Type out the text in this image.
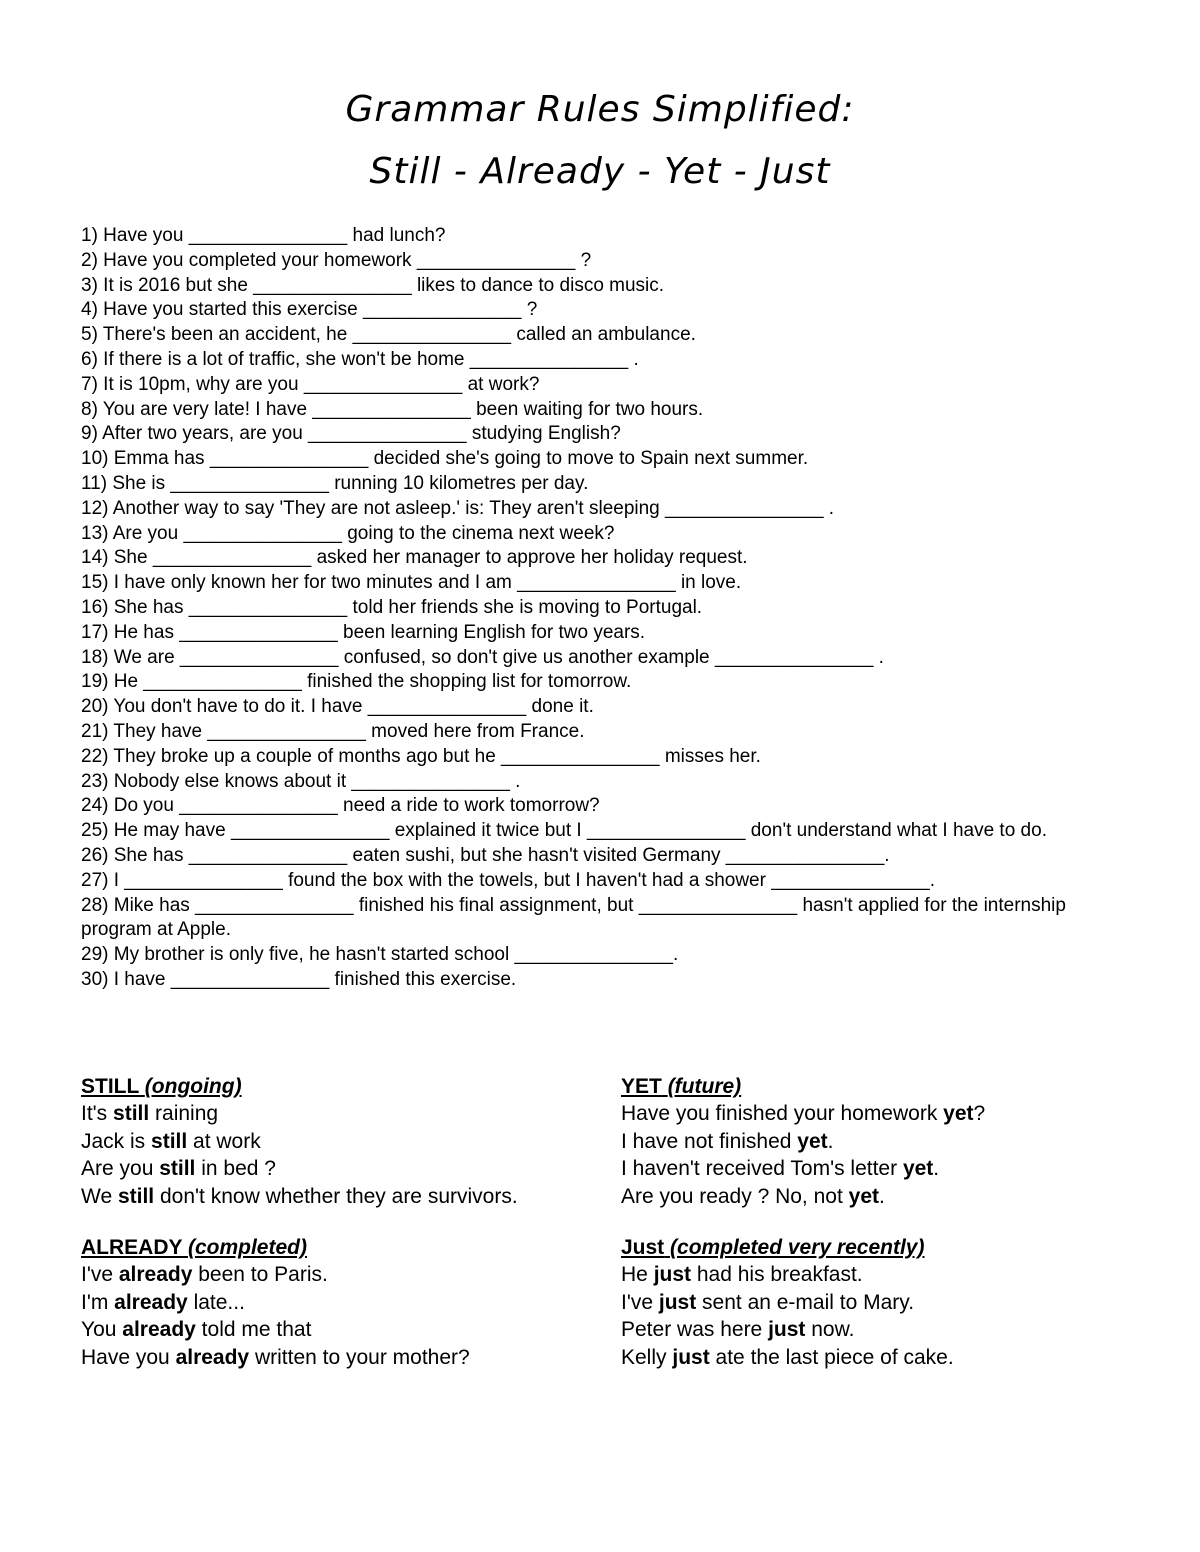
Grammar Rules Simplified:
Still - Already - Yet - Just
1) Have you _______________ had lunch?
2) Have you completed your homework _______________ ?
3) It is 2016 but she _______________ likes to dance to disco music.
4) Have you started this exercise _______________ ?
5) There's been an accident, he _______________ called an ambulance.
6) If there is a lot of traffic, she won't be home _______________ .
7) It is 10pm, why are you _______________ at work?
8) You are very late! I have _______________ been waiting for two hours.
9) After two years, are you _______________ studying English?
10) Emma has _______________ decided she's going to move to Spain next summer.
11) She is _______________ running 10 kilometres per day.
12) Another way to say 'They are not asleep.' is: They aren't sleeping _______________ .
13) Are you _______________ going to the cinema next week?
14) She _______________ asked her manager to approve her holiday request.
15) I have only known her for two minutes and I am _______________ in love.
16) She has _______________ told her friends she is moving to Portugal.
17) He has _______________ been learning English for two years.
18) We are _______________ confused, so don't give us another example _______________ .
19) He _______________ finished the shopping list for tomorrow.
20) You don't have to do it. I have _______________ done it.
21) They have _______________ moved here from France.
22) They broke up a couple of months ago but he _______________ misses her.
23) Nobody else knows about it _______________ .
24) Do you _______________ need a ride to work tomorrow?
25) He may have _______________ explained it twice but I _______________ don't understand what I have to do.
26) She has _______________ eaten sushi, but she hasn't visited Germany _______________.
27) I _______________ found the box with the towels, but I haven't had a shower _______________.
28) Mike has _______________ finished his final assignment, but _______________ hasn't applied for the internship program at Apple.
29) My brother is only five, he hasn't started school _______________.
30) I have _______________ finished this exercise.
STILL (ongoing)
It's still raining
Jack is still at work
Are you still in bed ?
We still don't know whether they are survivors.
YET (future)
Have you finished your homework yet?
I have not finished yet.
I haven't received Tom's letter yet.
Are you ready ? No, not yet.
ALREADY (completed)
I've already been to Paris.
I'm already late...
You already told me that
Have you already written to your mother?
Just (completed very recently)
He just had his breakfast.
I've just sent an e-mail to Mary.
Peter was here just now.
Kelly just ate the last piece of cake.
